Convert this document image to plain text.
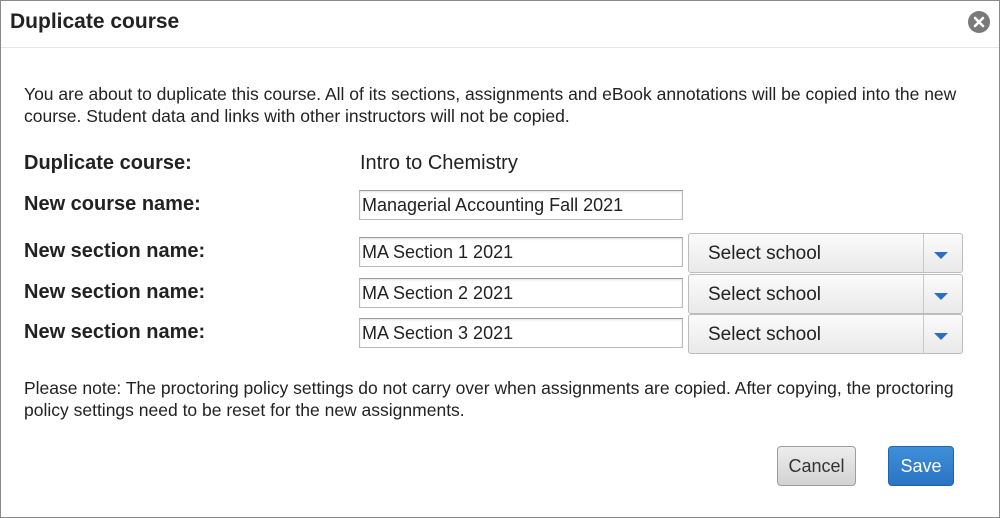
Duplicate course
You are about to duplicate this course. All of its sections, assignments and eBook annotations will be copied into the new course. Student data and links with other instructors will not be copied.
Duplicate course:	Intro to Chemistry
New course name:
Managerial Accounting Fall 2021
New section name:
MA Section 1 2021	Select school
New section name:
MA Section 2 2021	Select school
New section name:
MA Section 3 2021	Select school
Please note: The proctoring policy settings do not carry over when assignments are copied. After copying, the proctoring policy settings need to be reset for the new assignments.
Cancel	Save
